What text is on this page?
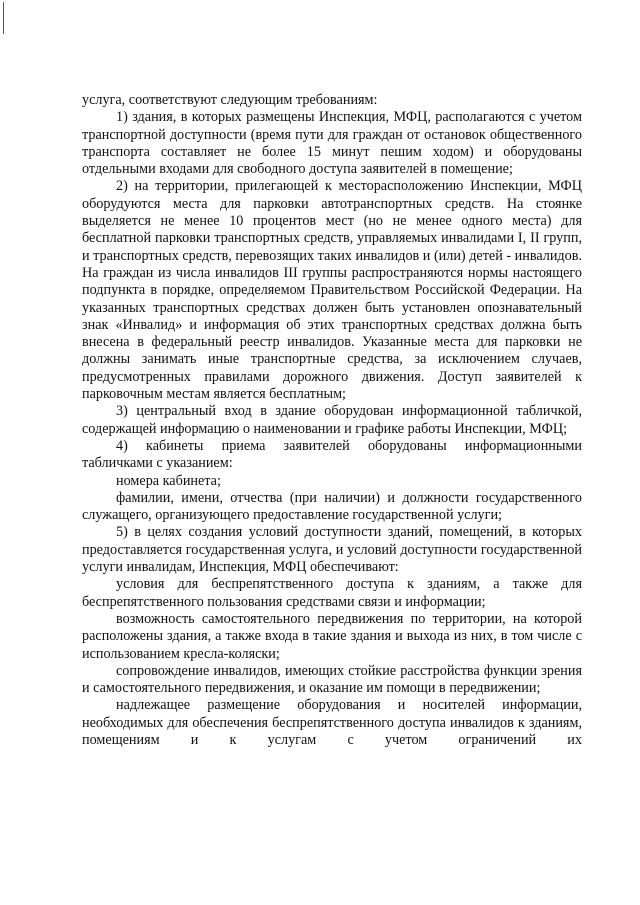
услуга, соответствуют следующим требованиям:

1) здания, в которых размещены Инспекция, МФЦ, располагаются с учетом транспортной доступности (время пути для граждан от остановок общественного транспорта составляет не более 15 минут пешим ходом) и оборудованы отдельными входами для свободного доступа заявителей в помещение;

2) на территории, прилегающей к месторасположению Инспекции, МФЦ оборудуются места для парковки автотранспортных средств. На стоянке выделяется не менее 10 процентов мест (но не менее одного места) для бесплатной парковки транспортных средств, управляемых инвалидами I, II групп, и транспортных средств, перевозящих таких инвалидов и (или) детей - инвалидов. На граждан из числа инвалидов III группы распространяются нормы настоящего подпункта в порядке, определяемом Правительством Российской Федерации. На указанных транспортных средствах должен быть установлен опознавательный знак «Инвалид» и информация об этих транспортных средствах должна быть внесена в федеральный реестр инвалидов. Указанные места для парковки не должны занимать иные транспортные средства, за исключением случаев, предусмотренных правилами дорожного движения. Доступ заявителей к парковочным местам является бесплатным;

3) центральный вход в здание оборудован информационной табличкой, содержащей информацию о наименовании и графике работы Инспекции, МФЦ;

4) кабинеты приема заявителей оборудованы информационными табличками с указанием:

номера кабинета;

фамилии, имени, отчества (при наличии) и должности государственного служащего, организующего предоставление государственной услуги;

5) в целях создания условий доступности зданий, помещений, в которых предоставляется государственная услуга, и условий доступности государственной услуги инвалидам, Инспекция, МФЦ обеспечивают:

условия для беспрепятственного доступа к зданиям, а также для беспрепятственного пользования средствами связи и информации;

возможность самостоятельного передвижения по территории, на которой расположены здания, а также входа в такие здания и выхода из них, в том числе с использованием кресла-коляски;

сопровождение инвалидов, имеющих стойкие расстройства функции зрения и самостоятельного передвижения, и оказание им помощи в передвижении;

надлежащее размещение оборудования и носителей информации, необходимых для обеспечения беспрепятственного доступа инвалидов к зданиям, помещениям и к услугам с учетом ограничений их
